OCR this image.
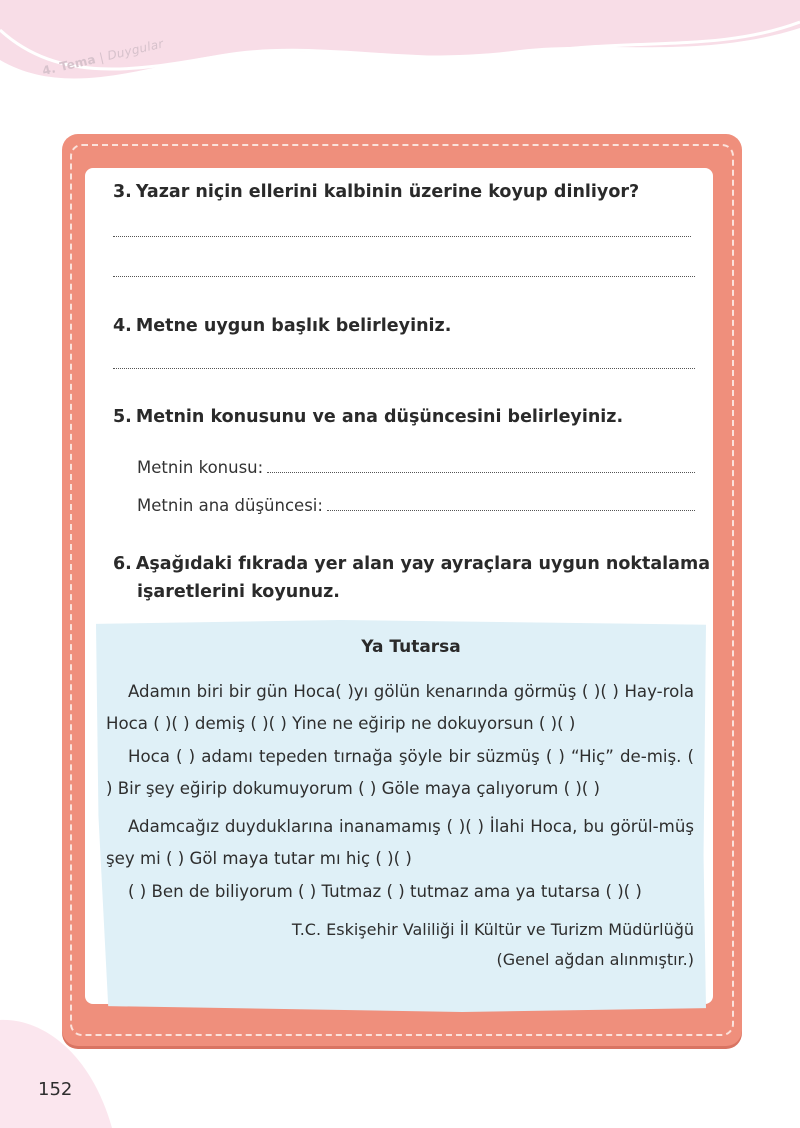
4. Tema|Duygular
3. Yazar niçin ellerini kalbinin üzerine koyup dinliyor?
4. Metne uygun başlık belirleyiniz.
5. Metnin konusunu ve ana düşüncesini belirleyiniz.
Metnin konusu:
Metnin ana düşüncesi:
6. Aşağıdaki fıkrada yer alan yay ayraçlara uygun noktalama
işaretlerini koyunuz.
Ya Tutarsa
Adamın biri bir gün Hoca( )yı gölün kenarında görmüş ( )( ) Hay-rola Hoca ( )( ) demiş ( )( ) Yine ne eğirip ne dokuyorsun ( )( )
Hoca ( ) adamı tepeden tırnağa şöyle bir süzmüş ( ) “Hiç” de-miş. ( ) Bir şey eğirip dokumuyorum ( ) Göle maya çalıyorum ( )( )
Adamcağız duyduklarına inanamamış ( )( ) İlahi Hoca, bu görül-müş şey mi ( ) Göl maya tutar mı hiç ( )( )
( ) Ben de biliyorum ( ) Tutmaz ( ) tutmaz ama ya tutarsa ( )( )
T.C. Eskişehir Valiliği İl Kültür ve Turizm Müdürlüğü
(Genel ağdan alınmıştır.)
152
